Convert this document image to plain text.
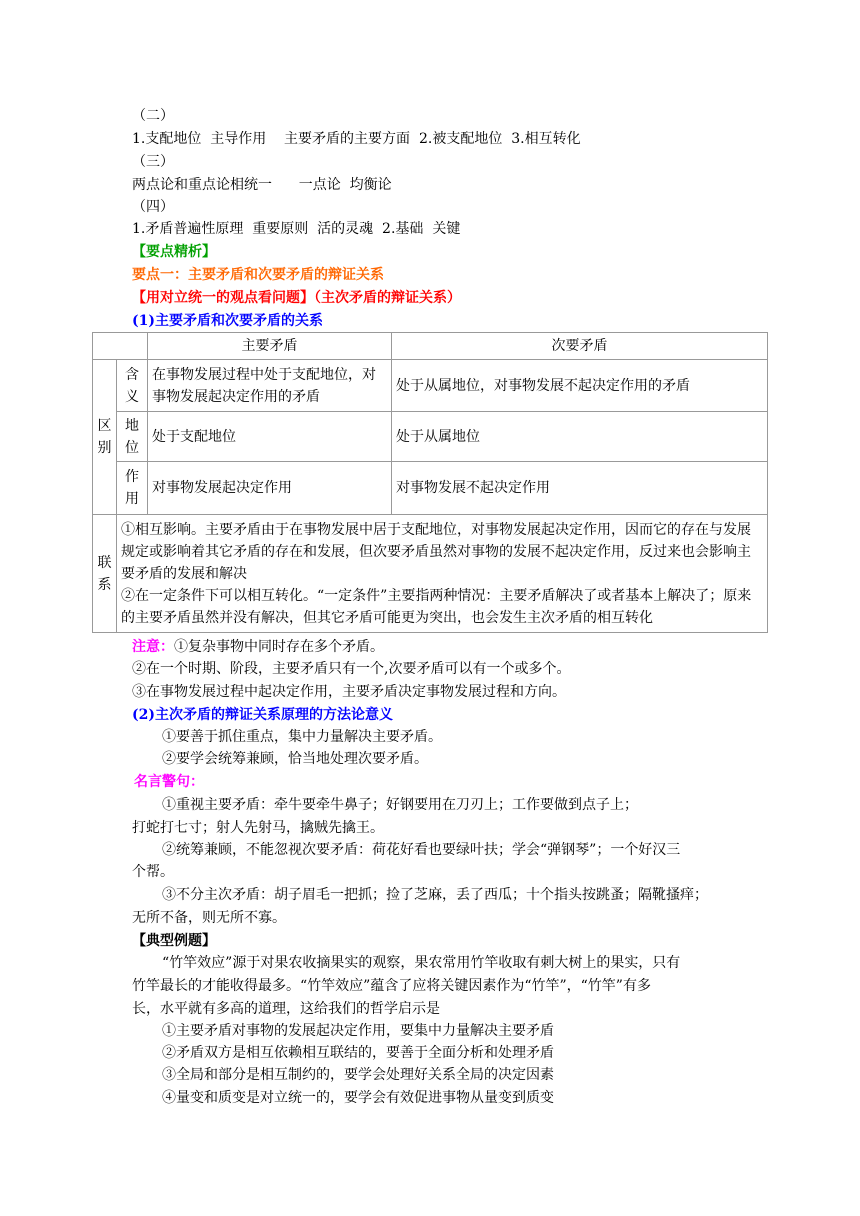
（二）
1.支配地位  主导作用    主要矛盾的主要方面  2.被支配地位  3.相互转化
（三）
两点论和重点论相统一      一点论  均衡论
（四）
1.矛盾普遍性原理  重要原则  活的灵魂  2.基础  关键
【要点精析】
要点一：主要矛盾和次要矛盾的辩证关系
【用对立统一的观点看问题】（主次矛盾的辩证关系）
(1)主要矛盾和次要矛盾的关系
		主要矛盾	次要矛盾
区别	含义	在事物发展过程中处于支配地位，对事物发展起决定作用的矛盾	处于从属地位，对事物发展不起决定作用的矛盾
	地位	处于支配地位	处于从属地位
	作用	对事物发展起决定作用	对事物发展不起决定作用
联系	①相互影响。主要矛盾由于在事物发展中居于支配地位，对事物发展起决定作用，因而它的存在与发展规定或影响着其它矛盾的存在和发展，但次要矛盾虽然对事物的发展不起决定作用，反过来也会影响主要矛盾的发展和解决
②在一定条件下可以相互转化。“一定条件”主要指两种情况：主要矛盾解决了或者基本上解决了；原来的主要矛盾虽然并没有解决，但其它矛盾可能更为突出，也会发生主次矛盾的相互转化		
注意：①复杂事物中同时存在多个矛盾。
②在一个时期、阶段，主要矛盾只有一个,次要矛盾可以有一个或多个。
③在事物发展过程中起决定作用，主要矛盾决定事物发展过程和方向。
(2)主次矛盾的辩证关系原理的方法论意义
①要善于抓住重点，集中力量解决主要矛盾。
②要学会统筹兼顾，恰当地处理次要矛盾。
名言警句：
①重视主要矛盾：牵牛要牵牛鼻子；好钢要用在刀刃上；工作要做到点子上；
打蛇打七寸；射人先射马，擒贼先擒王。
②统筹兼顾，不能忽视次要矛盾：荷花好看也要绿叶扶；学会“弹钢琴”；一个好汉三
个帮。
③不分主次矛盾：胡子眉毛一把抓；捡了芝麻，丢了西瓜；十个指头按跳蚤；隔靴搔痒；
无所不备，则无所不寡。
【典型例题】
“竹竿效应”源于对果农收摘果实的观察，果农常用竹竿收取有刺大树上的果实，只有
竹竿最长的才能收得最多。“竹竿效应”蕴含了应将关键因素作为“竹竿”，“竹竿”有多
长，水平就有多高的道理，这给我们的哲学启示是
①主要矛盾对事物的发展起决定作用，要集中力量解决主要矛盾
②矛盾双方是相互依赖相互联结的，要善于全面分析和处理矛盾
③全局和部分是相互制约的，要学会处理好关系全局的决定因素
④量变和质变是对立统一的，要学会有效促进事物从量变到质变
